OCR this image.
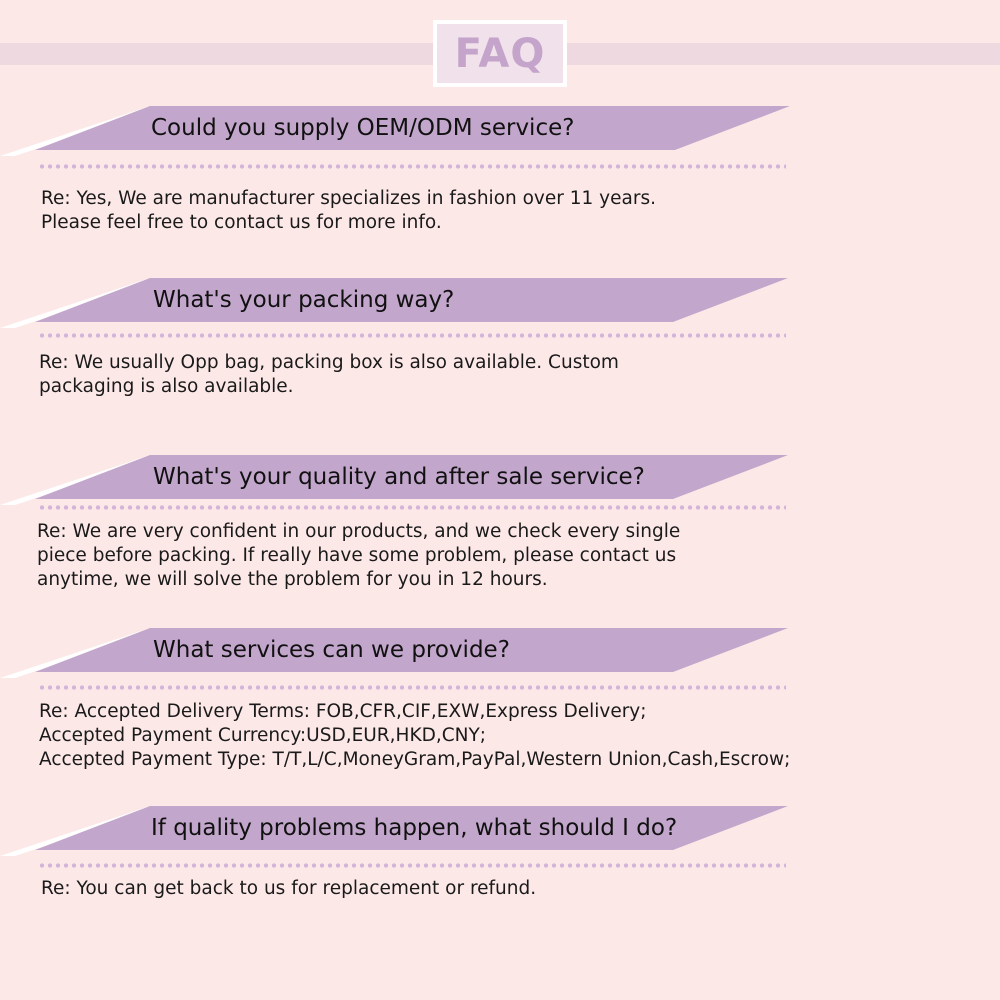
FAQ
Could you supply OEM/ODM service?
Re: Yes, We are manufacturer specializes in fashion over 11 years.
Please feel free to contact us for more info.
What's your packing way?
Re: We usually Opp bag, packing box is also available. Custom
packaging is also available.
What's your quality and after sale service?
Re: We are very confident in our products, and we check every single
piece before packing. If really have some problem, please contact us
anytime, we will solve the problem for you in 12 hours.
What services can we provide?
Re: Accepted Delivery Terms: FOB,CFR,CIF,EXW,Express Delivery;
Accepted Payment Currency:USD,EUR,HKD,CNY;
Accepted Payment Type: T/T,L/C,MoneyGram,PayPal,Western Union,Cash,Escrow;
If quality problems happen, what should I do?
Re: You can get back to us for replacement or refund.
